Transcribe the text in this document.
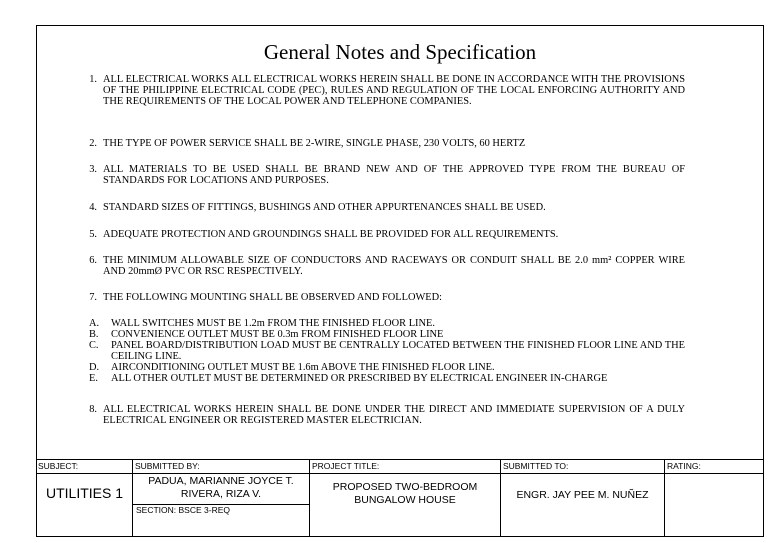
General Notes and Specification
1. ALL ELECTRICAL WORKS ALL ELECTRICAL WORKS HEREIN SHALL BE DONE IN ACCORDANCE WITH THE PROVISIONS OF THE PHILIPPINE ELECTRICAL CODE (PEC), RULES AND REGULATION OF THE LOCAL ENFORCING AUTHORITY AND THE REQUIREMENTS OF THE LOCAL POWER AND TELEPHONE COMPANIES.
2. THE TYPE OF POWER SERVICE SHALL BE 2-WIRE, SINGLE PHASE, 230 VOLTS, 60 HERTZ
3. ALL MATERIALS TO BE USED SHALL BE BRAND NEW AND OF THE APPROVED TYPE FROM THE BUREAU OF STANDARDS FOR LOCATIONS AND PURPOSES.
4. STANDARD SIZES OF FITTINGS, BUSHINGS AND OTHER APPURTENANCES SHALL BE USED.
5. ADEQUATE PROTECTION AND GROUNDINGS SHALL BE PROVIDED FOR ALL REQUIREMENTS.
6. THE MINIMUM ALLOWABLE SIZE OF CONDUCTORS AND RACEWAYS OR CONDUIT SHALL BE 2.0 mm² COPPER WIRE AND 20mmØ PVC OR RSC RESPECTIVELY.
7. THE FOLLOWING MOUNTING SHALL BE OBSERVED AND FOLLOWED:
A.	WALL SWITCHES MUST BE 1.2m FROM THE FINISHED FLOOR LINE.
B.	CONVENIENCE OUTLET MUST BE 0.3m FROM FINISHED FLOOR LINE
C.	PANEL BOARD/DISTRIBUTION LOAD MUST BE CENTRALLY LOCATED BETWEEN THE FINISHED FLOOR LINE AND THE CEILING LINE.
D.	AIRCONDITIONING OUTLET MUST BE 1.6m ABOVE THE FINISHED FLOOR LINE.
E.	ALL OTHER OUTLET MUST BE DETERMINED OR PRESCRIBED BY ELECTRICAL ENGINEER IN-CHARGE
8. ALL ELECTRICAL WORKS HEREIN SHALL BE DONE UNDER THE DIRECT AND IMMEDIATE SUPERVISION OF A DULY ELECTRICAL ENGINEER OR REGISTERED MASTER ELECTRICIAN.
SUBJECT:
UTILITIES 1
SUBMITTED BY:
PADUA, MARIANNE JOYCE T.
RIVERA, RIZA V.
SECTION: BSCE 3-REQ
PROJECT TITLE:
PROPOSED TWO-BEDROOM
BUNGALOW HOUSE
SUBMITTED TO:
ENGR. JAY PEE M. NUÑEZ
RATING:
